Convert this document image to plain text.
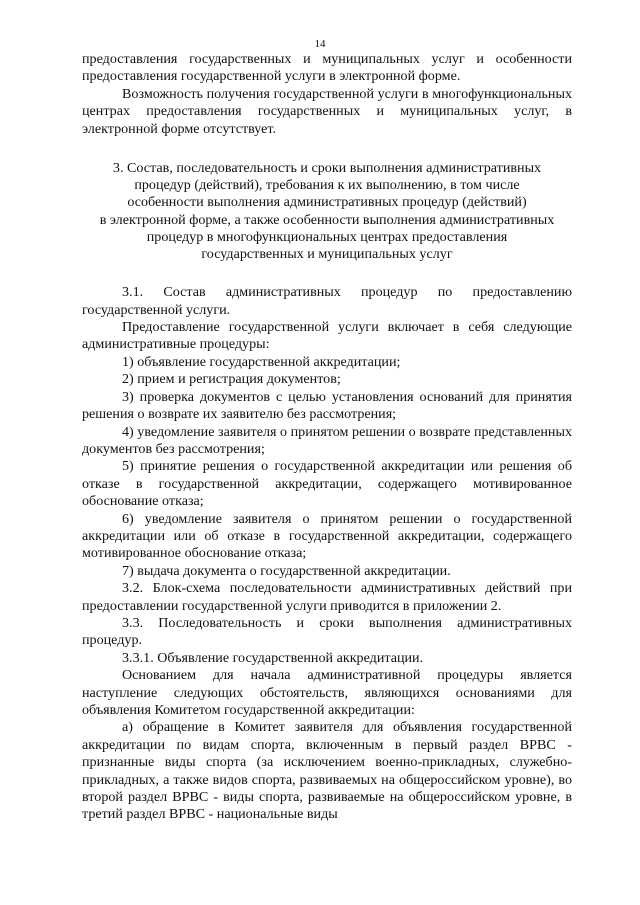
14

предоставления государственных и муниципальных услуг и особенности предоставления государственной услуги в электронной форме.

Возможность получения государственной услуги в многофункциональных центрах предоставления государственных и муниципальных услуг, в электронной форме отсутствует.

3. Состав, последовательность и сроки выполнения административных
процедур (действий), требования к их выполнению, в том числе
особенности выполнения административных процедур (действий)
в электронной форме, а также особенности выполнения административных
процедур в многофункциональных центрах предоставления
государственных и муниципальных услуг

3.1. Состав административных процедур по предоставлению государственной услуги.

Предоставление государственной услуги включает в себя следующие административные процедуры:

1) объявление государственной аккредитации;

2) прием и регистрация документов;

3) проверка документов с целью установления оснований для принятия решения о возврате их заявителю без рассмотрения;

4) уведомление заявителя о принятом решении о возврате представленных документов без рассмотрения;

5) принятие решения о государственной аккредитации или решения об отказе в государственной аккредитации, содержащего мотивированное обоснование отказа;

6) уведомление заявителя о принятом решении о государственной аккредитации или об отказе в государственной аккредитации, содержащего мотивированное обоснование отказа;

7) выдача документа о государственной аккредитации.

3.2. Блок-схема последовательности административных действий при предоставлении государственной услуги приводится в приложении 2.

3.3. Последовательность и сроки выполнения административных процедур.

3.3.1. Объявление государственной аккредитации.

Основанием для начала административной процедуры является наступление следующих обстоятельств, являющихся основаниями для объявления Комитетом государственной аккредитации:

а) обращение в Комитет заявителя для объявления государственной аккредитации по видам спорта, включенным в первый раздел ВРВС - признанные виды спорта (за исключением военно-прикладных, служебно-прикладных, а также видов спорта, развиваемых на общероссийском уровне), во второй раздел ВРВС - виды спорта, развиваемые на общероссийском уровне, в третий раздел ВРВС - национальные виды
